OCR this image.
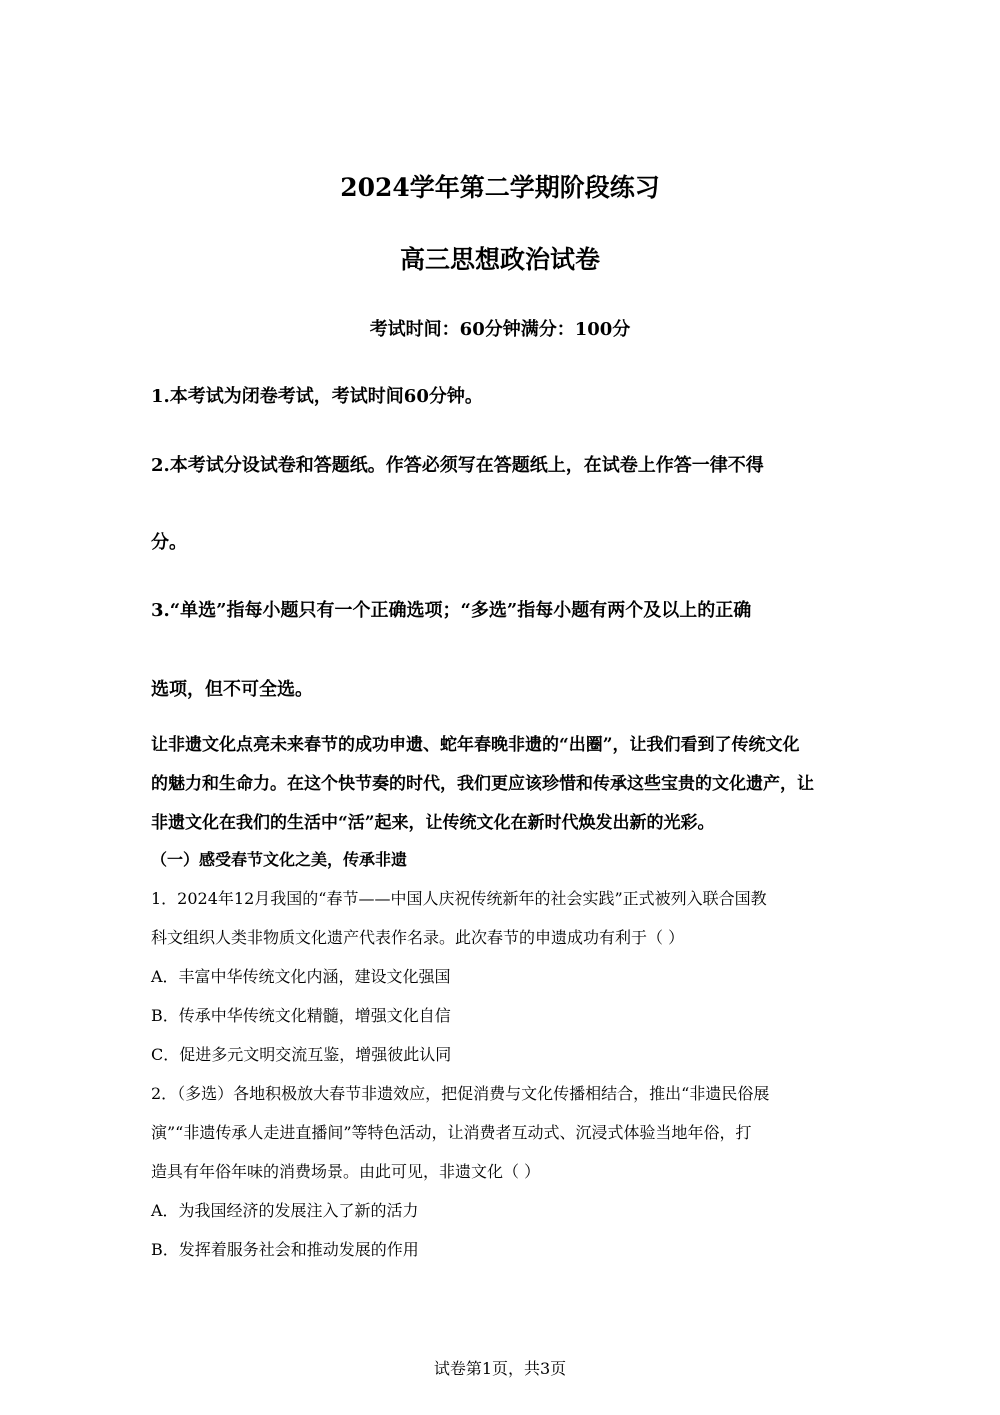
2024学年第二学期阶段练习
高三思想政治试卷
考试时间：60分钟满分：100分
1.本考试为闭卷考试，考试时间60分钟。
2.本考试分设试卷和答题纸。作答必须写在答题纸上，在试卷上作答一律不得
分。
3.“单选”指每小题只有一个正确选项；“多选”指每小题有两个及以上的正确
选项，但不可全选。
让非遗文化点亮未来春节的成功申遗、蛇年春晚非遗的“出圈”，让我们看到了传统文化
的魅力和生命力。在这个快节奏的时代，我们更应该珍惜和传承这些宝贵的文化遗产，让
非遗文化在我们的生活中“活”起来，让传统文化在新时代焕发出新的光彩。
（一）感受春节文化之美，传承非遗
1．2024年12月我国的“春节——中国人庆祝传统新年的社会实践”正式被列入联合国教
科文组织人类非物质文化遗产代表作名录。此次春节的申遗成功有利于（ ）
A．丰富中华传统文化内涵，建设文化强国
B．传承中华传统文化精髓，增强文化自信
C．促进多元文明交流互鉴，增强彼此认同
2．（多选）各地积极放大春节非遗效应，把促消费与文化传播相结合，推出“非遗民俗展
演”“非遗传承人走进直播间”等特色活动，让消费者互动式、沉浸式体验当地年俗，打
造具有年俗年味的消费场景。由此可见，非遗文化（ ）
A．为我国经济的发展注入了新的活力
B．发挥着服务社会和推动发展的作用
试卷第1页，共3页
